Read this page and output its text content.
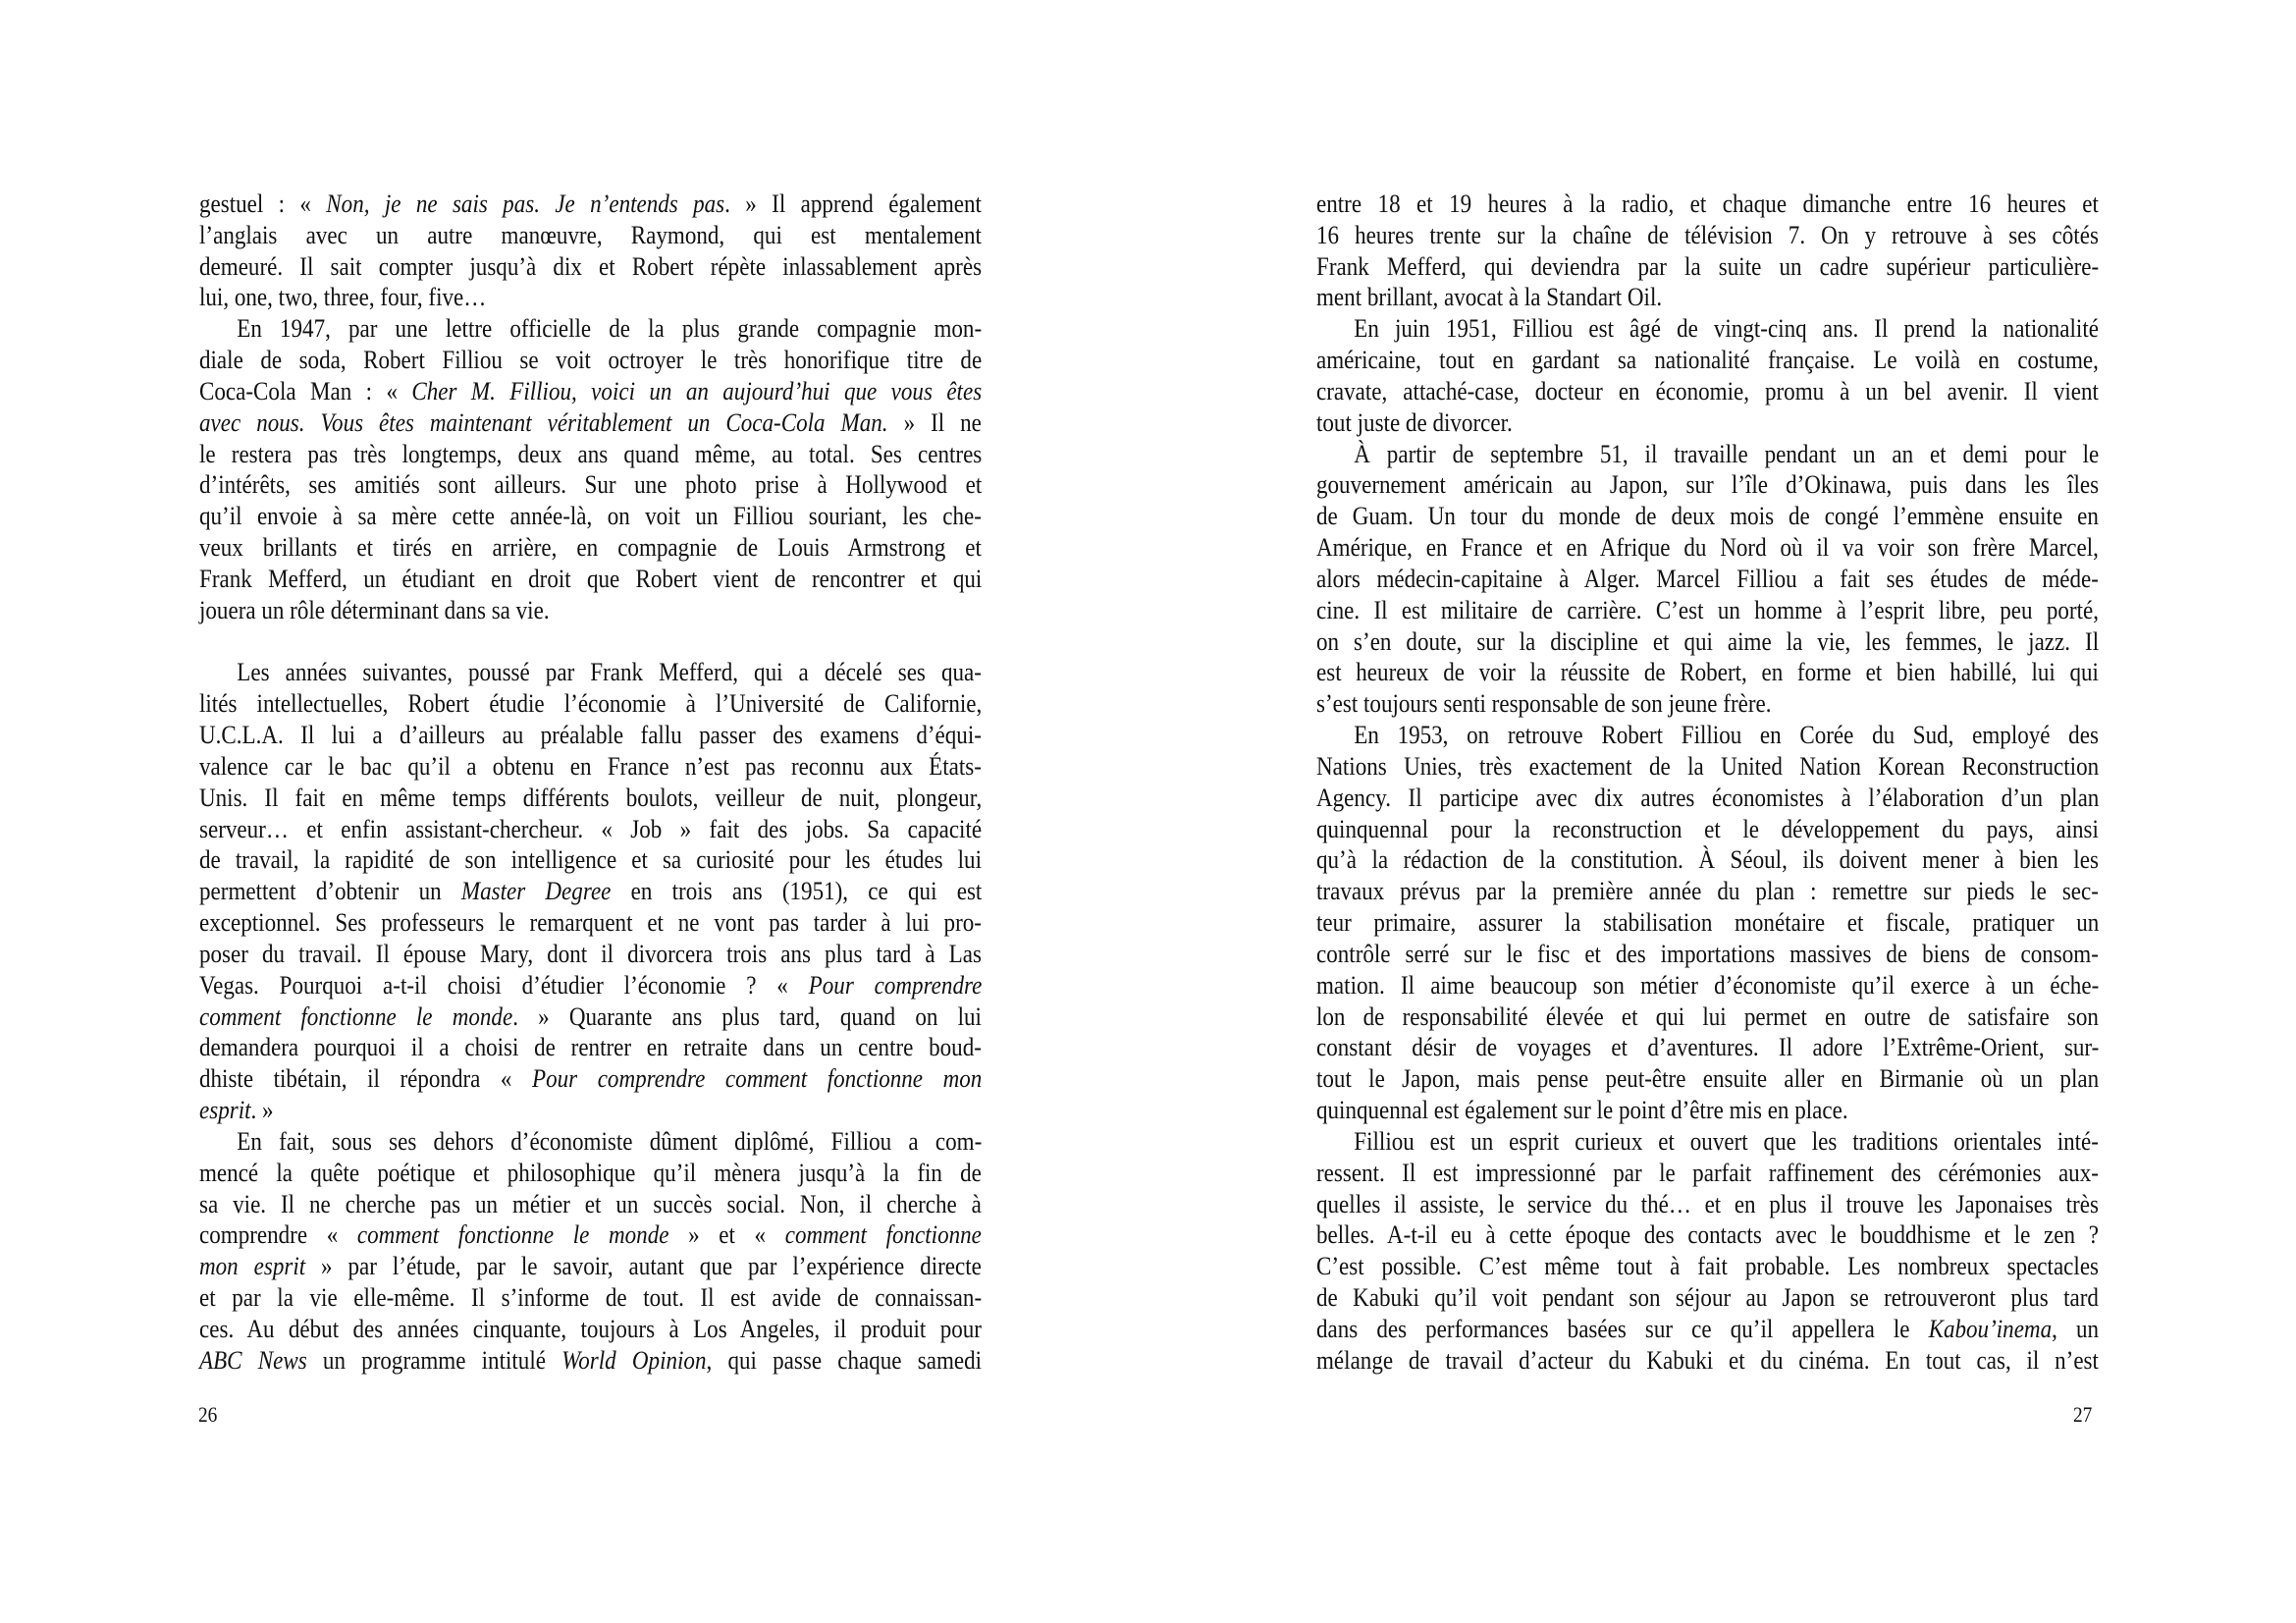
gestuel : « Non, je ne sais pas. Je n’entends pas. » Il apprend également
l’anglais avec un autre manœuvre, Raymond, qui est mentalement
demeuré. Il sait compter jusqu’à dix et Robert répète inlassablement après
lui, one, two, three, four, five…
En 1947, par une lettre officielle de la plus grande compagnie mon-
diale de soda, Robert Filliou se voit octroyer le très honorifique titre de
Coca-Cola Man : « Cher M. Filliou, voici un an aujourd’hui que vous êtes
avec nous. Vous êtes maintenant véritablement un Coca-Cola Man. » Il ne
le restera pas très longtemps, deux ans quand même, au total. Ses centres
d’intérêts, ses amitiés sont ailleurs. Sur une photo prise à Hollywood et
qu’il envoie à sa mère cette année-là, on voit un Filliou souriant, les che-
veux brillants et tirés en arrière, en compagnie de Louis Armstrong et
Frank Mefferd, un étudiant en droit que Robert vient de rencontrer et qui
jouera un rôle déterminant dans sa vie.
Les années suivantes, poussé par Frank Mefferd, qui a décelé ses qua-
lités intellectuelles, Robert étudie l’économie à l’Université de Californie,
U.C.L.A. Il lui a d’ailleurs au préalable fallu passer des examens d’équi-
valence car le bac qu’il a obtenu en France n’est pas reconnu aux États-
Unis. Il fait en même temps différents boulots, veilleur de nuit, plongeur,
serveur… et enfin assistant-chercheur. « Job » fait des jobs. Sa capacité
de travail, la rapidité de son intelligence et sa curiosité pour les études lui
permettent d’obtenir un Master Degree en trois ans (1951), ce qui est
exceptionnel. Ses professeurs le remarquent et ne vont pas tarder à lui pro-
poser du travail. Il épouse Mary, dont il divorcera trois ans plus tard à Las
Vegas. Pourquoi a-t-il choisi d’étudier l’économie ? « Pour comprendre
comment fonctionne le monde. » Quarante ans plus tard, quand on lui
demandera pourquoi il a choisi de rentrer en retraite dans un centre boud-
dhiste tibétain, il répondra « Pour comprendre comment fonctionne mon
esprit. »
En fait, sous ses dehors d’économiste dûment diplômé, Filliou a com-
mencé la quête poétique et philosophique qu’il mènera jusqu’à la fin de
sa vie. Il ne cherche pas un métier et un succès social. Non, il cherche à
comprendre « comment fonctionne le monde » et « comment fonctionne
mon esprit » par l’étude, par le savoir, autant que par l’expérience directe
et par la vie elle-même. Il s’informe de tout. Il est avide de connaissan-
ces. Au début des années cinquante, toujours à Los Angeles, il produit pour
ABC News un programme intitulé World Opinion, qui passe chaque samedi
26
entre 18 et 19 heures à la radio, et chaque dimanche entre 16 heures et
16 heures trente sur la chaîne de télévision 7. On y retrouve à ses côtés
Frank Mefferd, qui deviendra par la suite un cadre supérieur particulière-
ment brillant, avocat à la Standart Oil.
En juin 1951, Filliou est âgé de vingt-cinq ans. Il prend la nationalité
américaine, tout en gardant sa nationalité française. Le voilà en costume,
cravate, attaché-case, docteur en économie, promu à un bel avenir. Il vient
tout juste de divorcer.
À partir de septembre 51, il travaille pendant un an et demi pour le
gouvernement américain au Japon, sur l’île d’Okinawa, puis dans les îles
de Guam. Un tour du monde de deux mois de congé l’emmène ensuite en
Amérique, en France et en Afrique du Nord où il va voir son frère Marcel,
alors médecin-capitaine à Alger. Marcel Filliou a fait ses études de méde-
cine. Il est militaire de carrière. C’est un homme à l’esprit libre, peu porté,
on s’en doute, sur la discipline et qui aime la vie, les femmes, le jazz. Il
est heureux de voir la réussite de Robert, en forme et bien habillé, lui qui
s’est toujours senti responsable de son jeune frère.
En 1953, on retrouve Robert Filliou en Corée du Sud, employé des
Nations Unies, très exactement de la United Nation Korean Reconstruction
Agency. Il participe avec dix autres économistes à l’élaboration d’un plan
quinquennal pour la reconstruction et le développement du pays, ainsi
qu’à la rédaction de la constitution. À Séoul, ils doivent mener à bien les
travaux prévus par la première année du plan : remettre sur pieds le sec-
teur primaire, assurer la stabilisation monétaire et fiscale, pratiquer un
contrôle serré sur le fisc et des importations massives de biens de consom-
mation. Il aime beaucoup son métier d’économiste qu’il exerce à un éche-
lon de responsabilité élevée et qui lui permet en outre de satisfaire son
constant désir de voyages et d’aventures. Il adore l’Extrême-Orient, sur-
tout le Japon, mais pense peut-être ensuite aller en Birmanie où un plan
quinquennal est également sur le point d’être mis en place.
Filliou est un esprit curieux et ouvert que les traditions orientales inté-
ressent. Il est impressionné par le parfait raffinement des cérémonies aux-
quelles il assiste, le service du thé… et en plus il trouve les Japonaises très
belles. A-t-il eu à cette époque des contacts avec le bouddhisme et le zen ?
C’est possible. C’est même tout à fait probable. Les nombreux spectacles
de Kabuki qu’il voit pendant son séjour au Japon se retrouveront plus tard
dans des performances basées sur ce qu’il appellera le Kabou’inema, un
mélange de travail d’acteur du Kabuki et du cinéma. En tout cas, il n’est
27
